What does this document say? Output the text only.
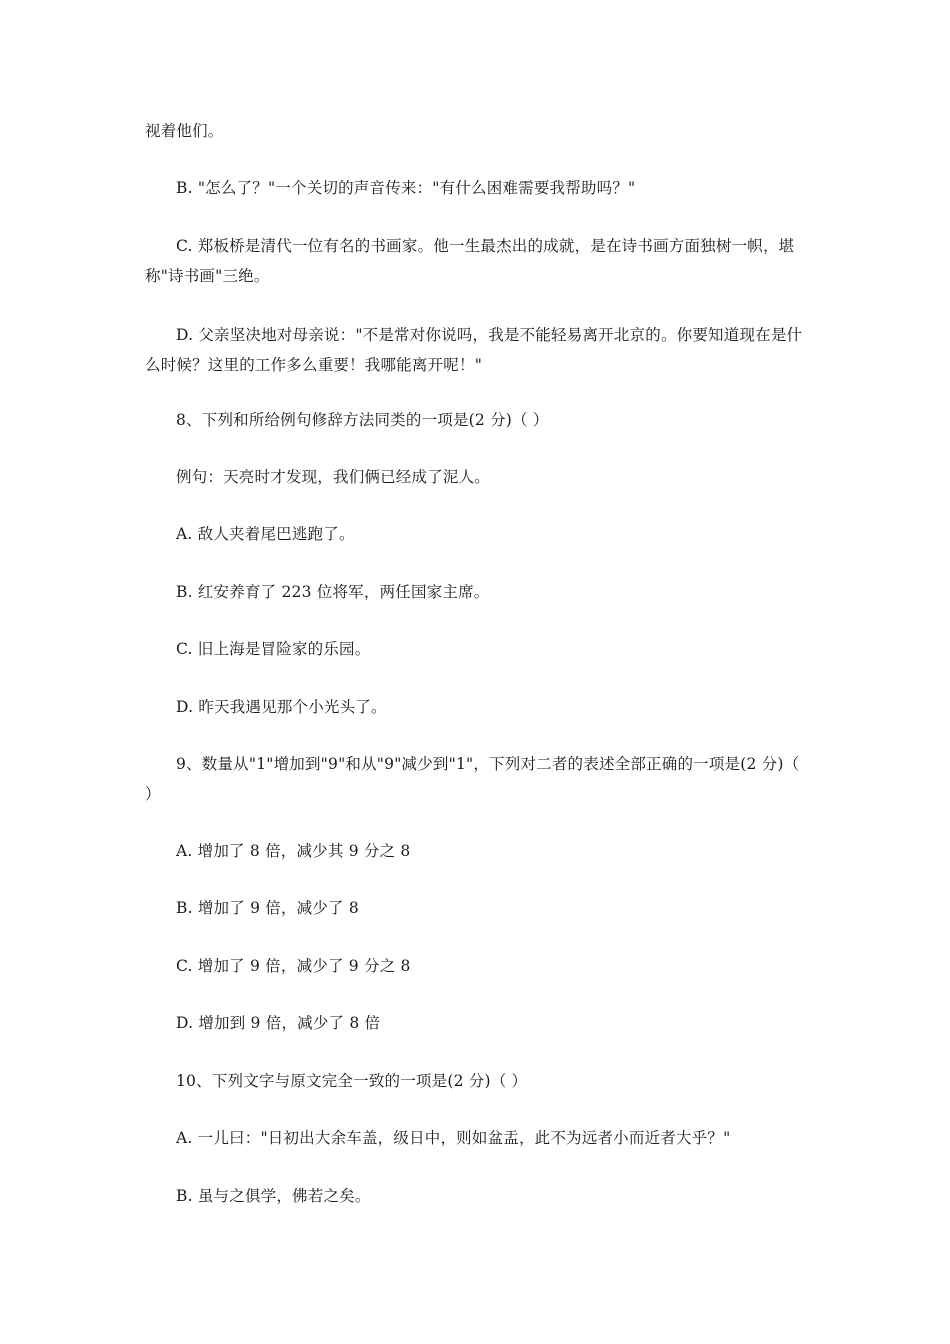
视着他们。
B. "怎么了？"一个关切的声音传来："有什么困难需要我帮助吗？"
C. 郑板桥是清代一位有名的书画家。他一生最杰出的成就，是在诗书画方面独树一帜，堪称"诗书画"三绝。
D. 父亲坚决地对母亲说："不是常对你说吗，我是不能轻易离开北京的。你要知道现在是什么时候？这里的工作多么重要！我哪能离开呢！"
8、下列和所给例句修辞方法同类的一项是(2 分)（ ）
例句：天亮时才发现，我们俩已经成了泥人。
A. 敌人夹着尾巴逃跑了。
B. 红安养育了 223 位将军，两任国家主席。
C. 旧上海是冒险家的乐园。
D. 昨天我遇见那个小光头了。
9、数量从"1"增加到"9"和从"9"减少到"1"，下列对二者的表述全部正确的一项是(2 分)（ ）
A. 增加了 8 倍，减少其 9 分之 8
B. 增加了 9 倍，减少了 8
C. 增加了 9 倍，减少了 9 分之 8
D. 增加到 9 倍，减少了 8 倍
10、下列文字与原文完全一致的一项是(2 分)（ ）
A. 一儿曰："日初出大余车盖，级日中，则如盆盂，此不为远者小而近者大乎？"
B. 虽与之俱学，佛若之矣。
